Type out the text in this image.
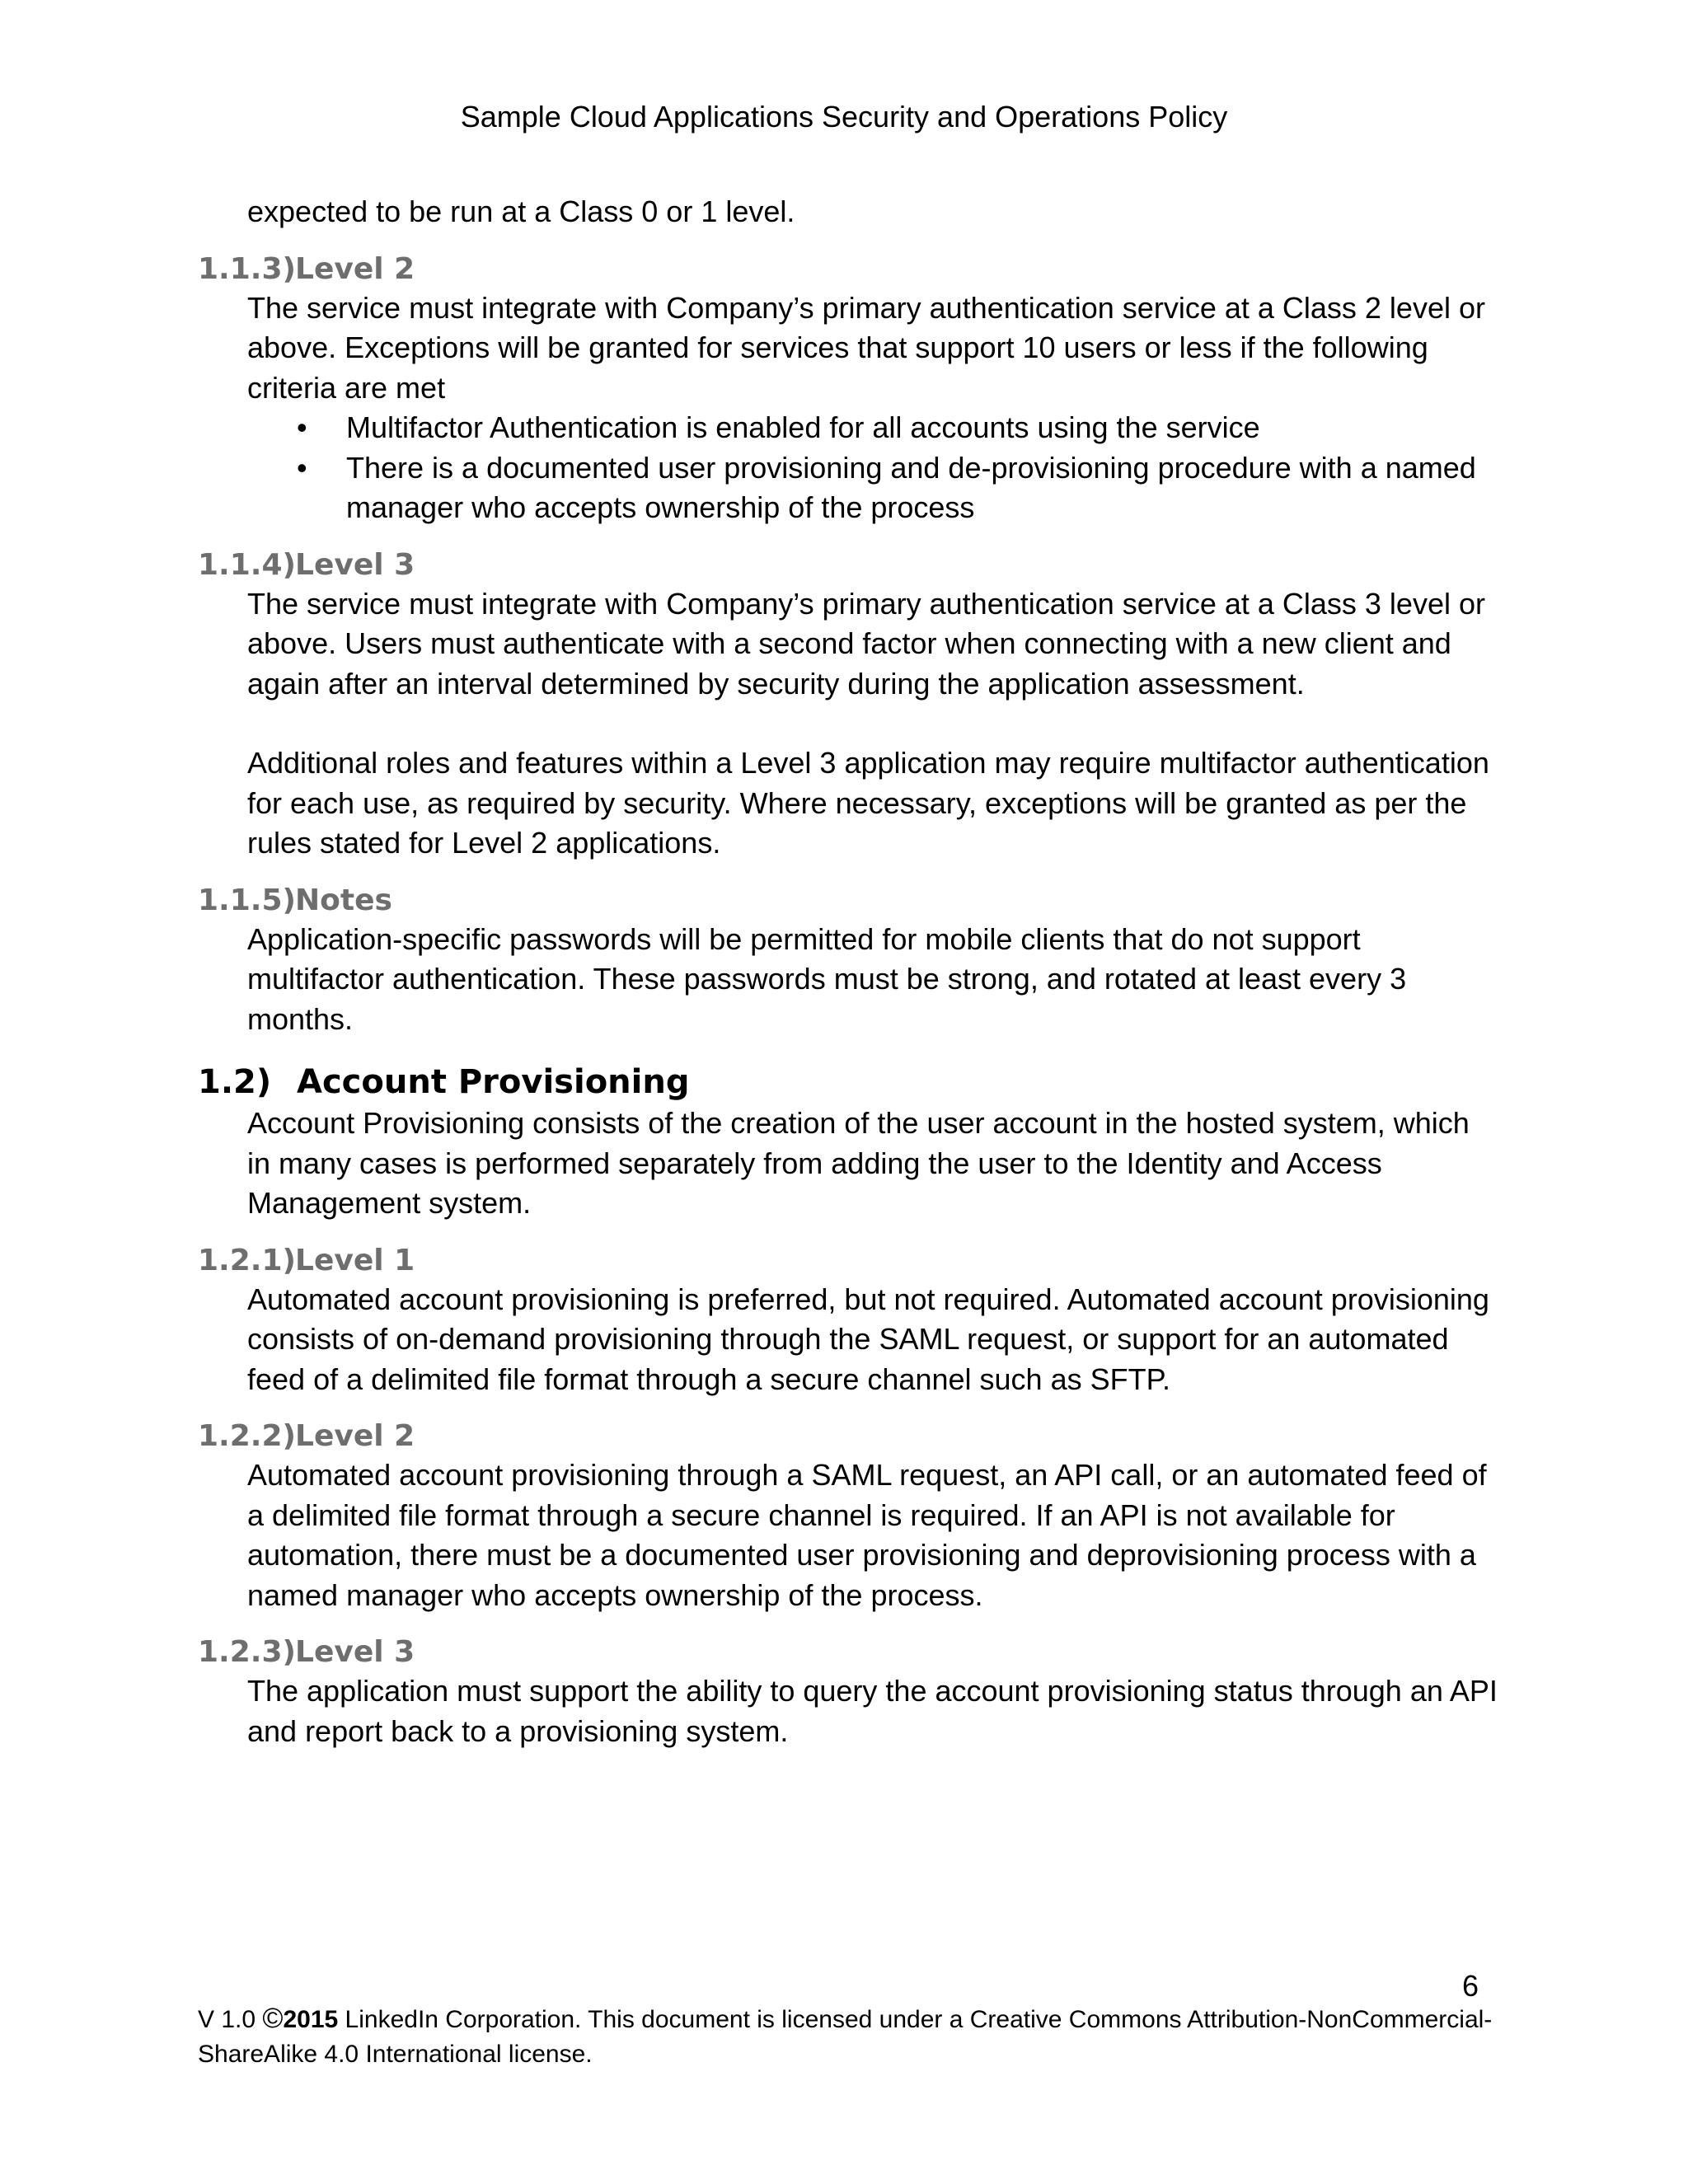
Sample Cloud Applications Security and Operations Policy

expected to be run at a Class 0 or 1 level.

1.1.3)Level 2

The service must integrate with Company’s primary authentication service at a Class 2 level or above. Exceptions will be granted for services that support 10 users or less if the following criteria are met

• Multifactor Authentication is enabled for all accounts using the service
• There is a documented user provisioning and de-provisioning procedure with a named manager who accepts ownership of the process
1.1.4)Level 3

The service must integrate with Company’s primary authentication service at a Class 3 level or above. Users must authenticate with a second factor when connecting with a new client and again after an interval determined by security during the application assessment.

Additional roles and features within a Level 3 application may require multifactor authentication for each use, as required by security. Where necessary, exceptions will be granted as per the rules stated for Level 2 applications.

1.1.5)Notes

Application-specific passwords will be permitted for mobile clients that do not support multifactor authentication. These passwords must be strong, and rotated at least every 3 months.

1.2) Account Provisioning

Account Provisioning consists of the creation of the user account in the hosted system, which in many cases is performed separately from adding the user to the Identity and Access Management system.

1.2.1)Level 1

Automated account provisioning is preferred, but not required. Automated account provisioning consists of on-demand provisioning through the SAML request, or support for an automated feed of a delimited file format through a secure channel such as SFTP.

1.2.2)Level 2

Automated account provisioning through a SAML request, an API call, or an automated feed of a delimited file format through a secure channel is required. If an API is not available for automation, there must be a documented user provisioning and deprovisioning process with a named manager who accepts ownership of the process.

1.2.3)Level 3

The application must support the ability to query the account provisioning status through an API and report back to a provisioning system.

6
V 1.0 ©2015 LinkedIn Corporation. This document is licensed under a Creative Commons Attribution-NonCommercial-ShareAlike 4.0 International license.
